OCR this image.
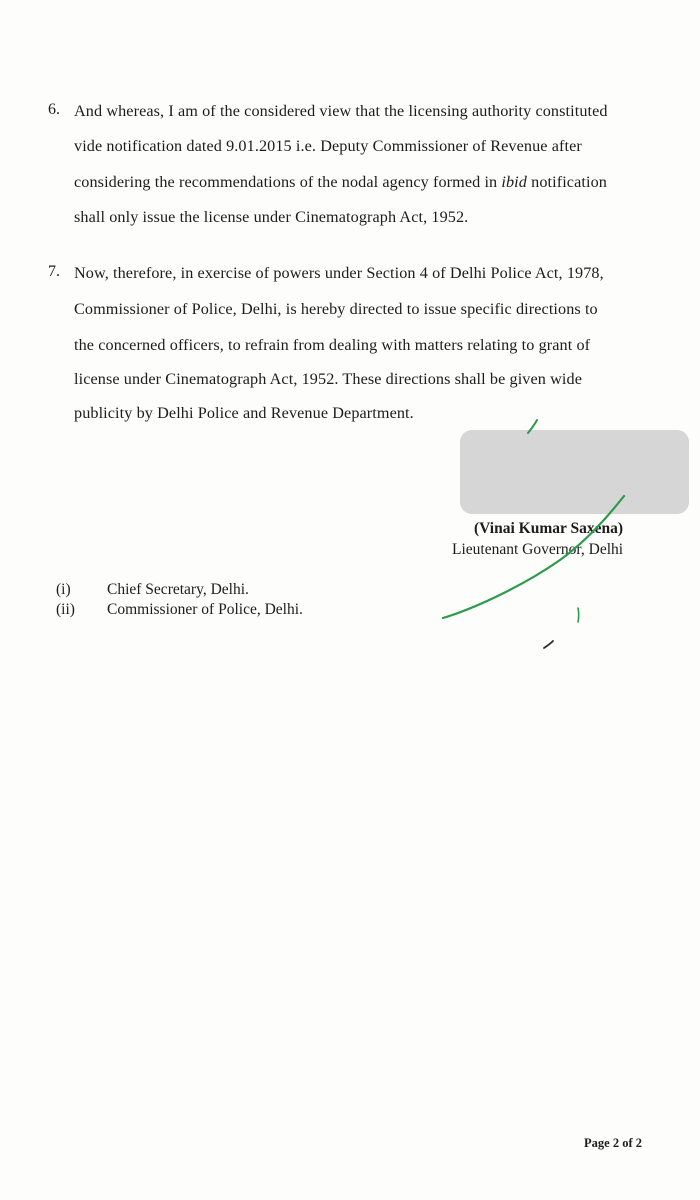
6. And whereas, I am of the considered view that the licensing authority constituted
vide notification dated 9.01.2015 i.e. Deputy Commissioner of Revenue after
considering the recommendations of the nodal agency formed in ibid notification
shall only issue the license under Cinematograph Act, 1952.
7. Now, therefore, in exercise of powers under Section 4 of Delhi Police Act, 1978,
Commissioner of Police, Delhi, is hereby directed to issue specific directions to
the concerned officers, to refrain from dealing with matters relating to grant of
license under Cinematograph Act, 1952. These directions shall be given wide
publicity by Delhi Police and Revenue Department.
(Vinai Kumar Saxena)
Lieutenant Governor, Delhi
(i) Chief Secretary, Delhi.
(ii) Commissioner of Police, Delhi.
Page 2 of 2
